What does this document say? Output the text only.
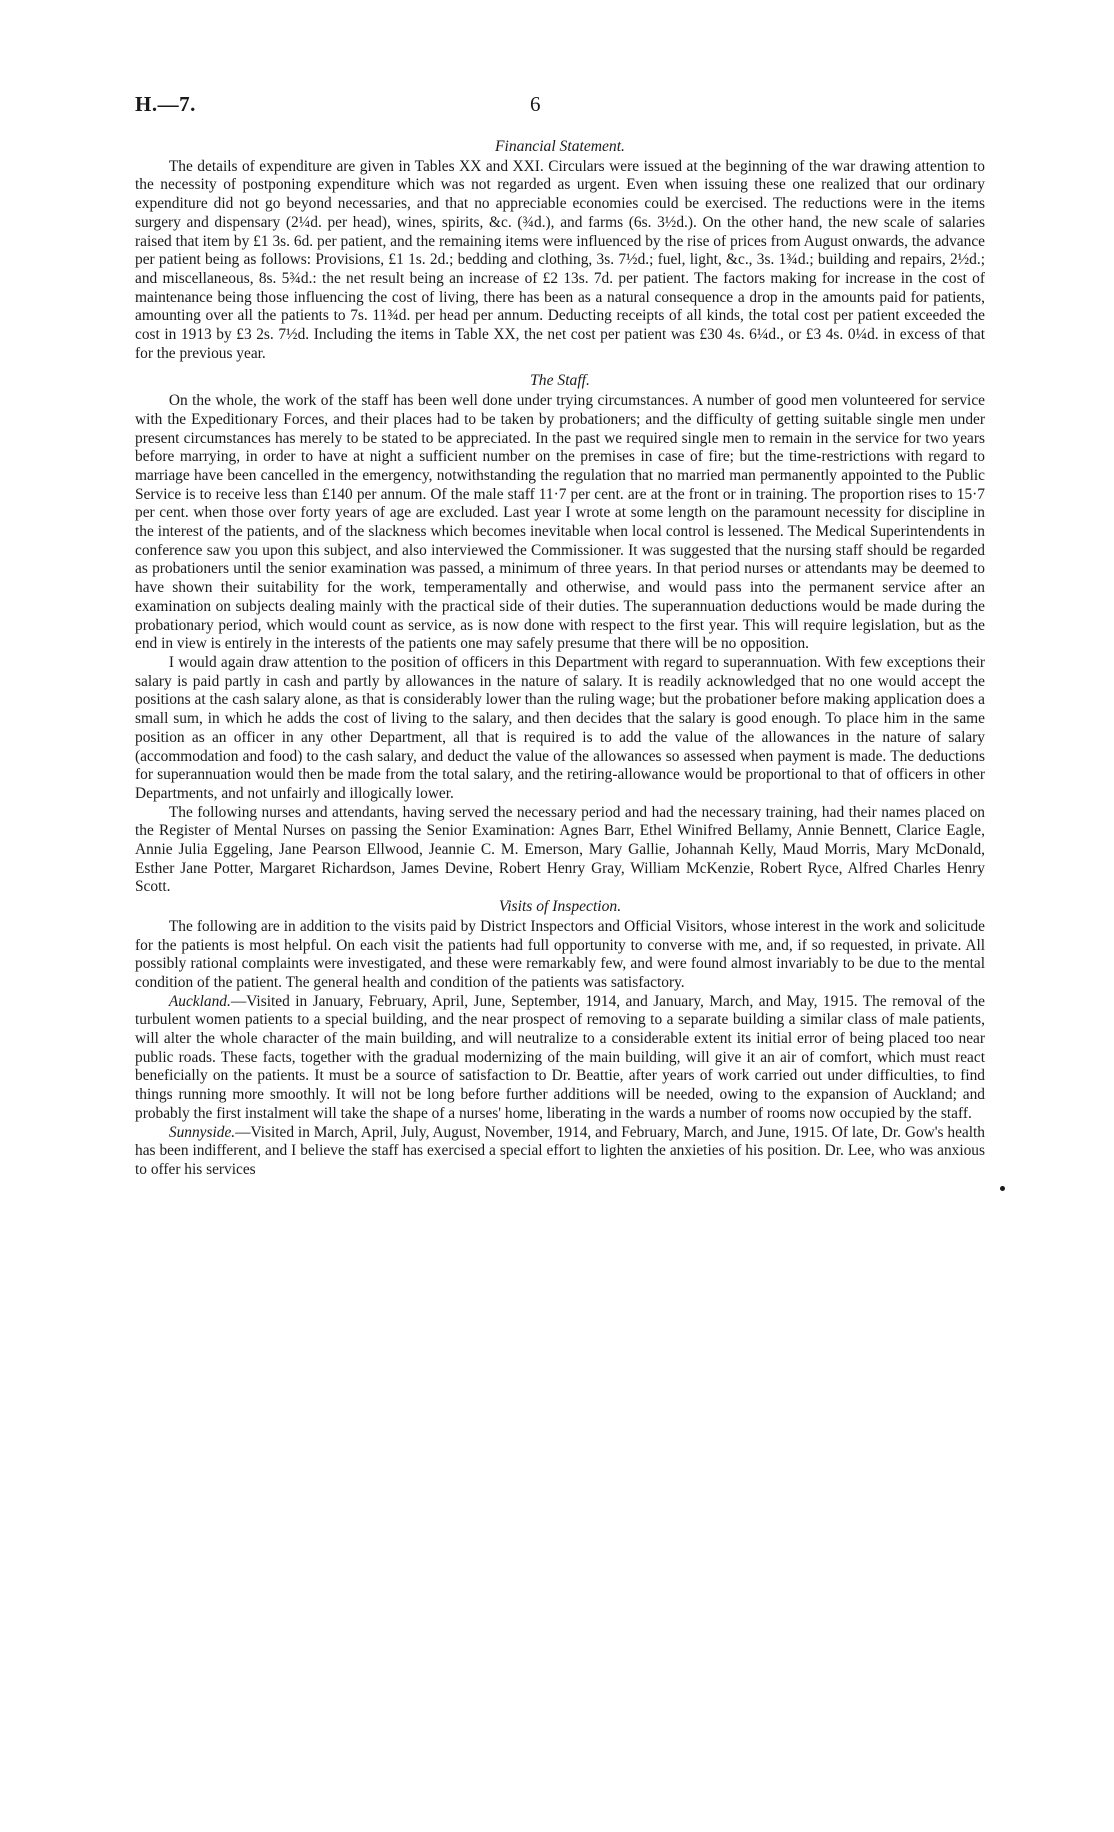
H.—7.	6
Financial Statement.

The details of expenditure are given in Tables XX and XXI. Circulars were issued at the beginning of the war drawing attention to the necessity of postponing expenditure which was not regarded as urgent. Even when issuing these one realized that our ordinary expenditure did not go beyond necessaries, and that no appreciable economies could be exercised. The reductions were in the items surgery and dispensary (2¼d. per head), wines, spirits, &c. (¾d.), and farms (6s. 3½d.). On the other hand, the new scale of salaries raised that item by £1 3s. 6d. per patient, and the remaining items were influenced by the rise of prices from August onwards, the advance per patient being as follows: Provisions, £1 1s. 2d.; bedding and clothing, 3s. 7½d.; fuel, light, &c., 3s. 1¾d.; building and repairs, 2½d.; and miscellaneous, 8s. 5¾d.: the net result being an increase of £2 13s. 7d. per patient. The factors making for increase in the cost of maintenance being those influencing the cost of living, there has been as a natural consequence a drop in the amounts paid for patients, amounting over all the patients to 7s. 11¾d. per head per annum. Deducting receipts of all kinds, the total cost per patient exceeded the cost in 1913 by £3 2s. 7½d. Including the items in Table XX, the net cost per patient was £30 4s. 6¼d., or £3 4s. 0¼d. in excess of that for the previous year.

The Staff.

On the whole, the work of the staff has been well done under trying circumstances. A number of good men volunteered for service with the Expeditionary Forces, and their places had to be taken by probationers; and the difficulty of getting suitable single men under present circumstances has merely to be stated to be appreciated. In the past we required single men to remain in the service for two years before marrying, in order to have at night a sufficient number on the premises in case of fire; but the time-restrictions with regard to marriage have been cancelled in the emergency, notwithstanding the regulation that no married man permanently appointed to the Public Service is to receive less than £140 per annum. Of the male staff 11·7 per cent. are at the front or in training. The proportion rises to 15·7 per cent. when those over forty years of age are excluded. Last year I wrote at some length on the paramount necessity for discipline in the interest of the patients, and of the slackness which becomes inevitable when local control is lessened. The Medical Superintendents in conference saw you upon this subject, and also interviewed the Commissioner. It was suggested that the nursing staff should be regarded as probationers until the senior examination was passed, a minimum of three years. In that period nurses or attendants may be deemed to have shown their suitability for the work, temperamentally and otherwise, and would pass into the permanent service after an examination on subjects dealing mainly with the practical side of their duties. The superannuation deductions would be made during the probationary period, which would count as service, as is now done with respect to the first year. This will require legislation, but as the end in view is entirely in the interests of the patients one may safely presume that there will be no opposition.

I would again draw attention to the position of officers in this Department with regard to superannuation. With few exceptions their salary is paid partly in cash and partly by allowances in the nature of salary. It is readily acknowledged that no one would accept the positions at the cash salary alone, as that is considerably lower than the ruling wage; but the probationer before making application does a small sum, in which he adds the cost of living to the salary, and then decides that the salary is good enough. To place him in the same position as an officer in any other Department, all that is required is to add the value of the allowances in the nature of salary (accommodation and food) to the cash salary, and deduct the value of the allowances so assessed when payment is made. The deductions for superannuation would then be made from the total salary, and the retiring-allowance would be proportional to that of officers in other Departments, and not unfairly and illogically lower.

The following nurses and attendants, having served the necessary period and had the necessary training, had their names placed on the Register of Mental Nurses on passing the Senior Examination: Agnes Barr, Ethel Winifred Bellamy, Annie Bennett, Clarice Eagle, Annie Julia Eggeling, Jane Pearson Ellwood, Jeannie C. M. Emerson, Mary Gallie, Johannah Kelly, Maud Morris, Mary McDonald, Esther Jane Potter, Margaret Richardson, James Devine, Robert Henry Gray, William McKenzie, Robert Ryce, Alfred Charles Henry Scott.

Visits of Inspection.

The following are in addition to the visits paid by District Inspectors and Official Visitors, whose interest in the work and solicitude for the patients is most helpful. On each visit the patients had full opportunity to converse with me, and, if so requested, in private. All possibly rational complaints were investigated, and these were remarkably few, and were found almost invariably to be due to the mental condition of the patient. The general health and condition of the patients was satisfactory.

Auckland.—Visited in January, February, April, June, September, 1914, and January, March, and May, 1915. The removal of the turbulent women patients to a special building, and the near prospect of removing to a separate building a similar class of male patients, will alter the whole character of the main building, and will neutralize to a considerable extent its initial error of being placed too near public roads. These facts, together with the gradual modernizing of the main building, will give it an air of comfort, which must react beneficially on the patients. It must be a source of satisfaction to Dr. Beattie, after years of work carried out under difficulties, to find things running more smoothly. It will not be long before further additions will be needed, owing to the expansion of Auckland; and probably the first instalment will take the shape of a nurses' home, liberating in the wards a number of rooms now occupied by the staff.

Sunnyside.—Visited in March, April, July, August, November, 1914, and February, March, and June, 1915. Of late, Dr. Gow's health has been indifferent, and I believe the staff has exercised a special effort to lighten the anxieties of his position. Dr. Lee, who was anxious to offer his services
